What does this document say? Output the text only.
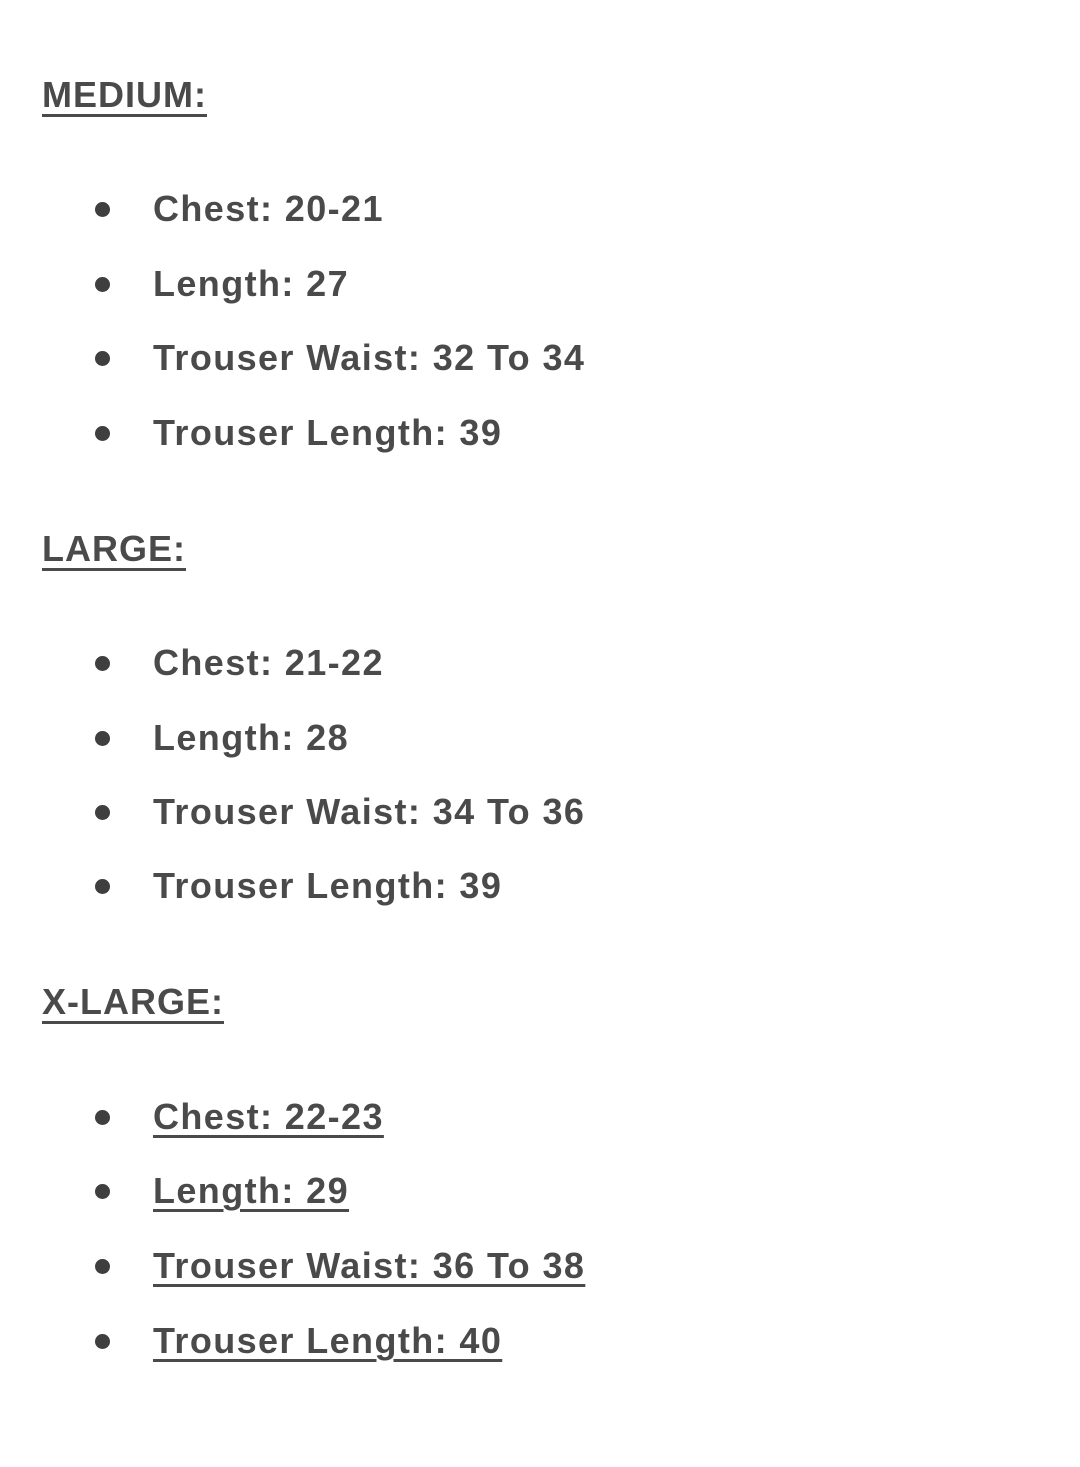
MEDIUM:
Chest: 20-21
Length: 27
Trouser Waist: 32 To 34
Trouser Length: 39
LARGE:
Chest: 21-22
Length: 28
Trouser Waist: 34 To 36
Trouser Length: 39
X-LARGE:
Chest: 22-23
Length: 29
Trouser Waist: 36 To 38
Trouser Length: 40
